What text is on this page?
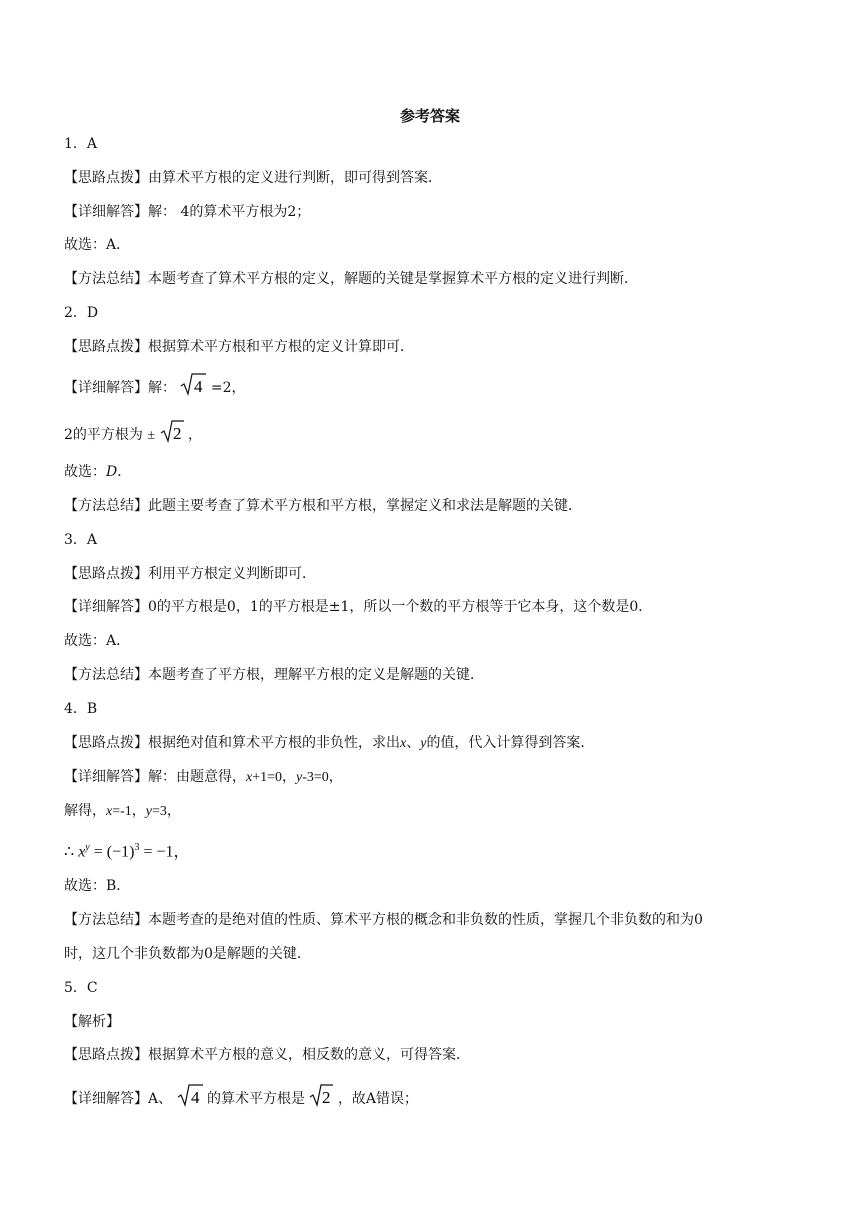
参考答案
1．A
【思路点拨】由算术平方根的定义进行判断，即可得到答案．
【详细解答】解： 4的算术平方根为2；
故选：A．
【方法总结】本题考查了算术平方根的定义，解题的关键是掌握算术平方根的定义进行判断．
2．D
【思路点拨】根据算术平方根和平方根的定义计算即可．
【详细解答】解： 4 =2，
2的平方根为 ± 2 ，
故选：D．
【方法总结】此题主要考查了算术平方根和平方根，掌握定义和求法是解题的关键．
3．A
【思路点拨】利用平方根定义判断即可．
【详细解答】0的平方根是0，1的平方根是±1，所以一个数的平方根等于它本身，这个数是0．
故选：A．
【方法总结】本题考查了平方根，理解平方根的定义是解题的关键．
4．B
【思路点拨】根据绝对值和算术平方根的非负性，求出x、y的值，代入计算得到答案．
【详细解答】解：由题意得，x+1=0，y-3=0，
解得，x=-1，y=3，
∴ $x^y = (-1)^3 = -1$，
故选：B．
【方法总结】本题考查的是绝对值的性质、算术平方根的概念和非负数的性质，掌握几个非负数的和为0
时，这几个非负数都为0是解题的关键．
5．C
【解析】
【思路点拨】根据算术平方根的意义，相反数的意义，可得答案．
【详细解答】A、 4 的算术平方根是 2 ，故A错误；
